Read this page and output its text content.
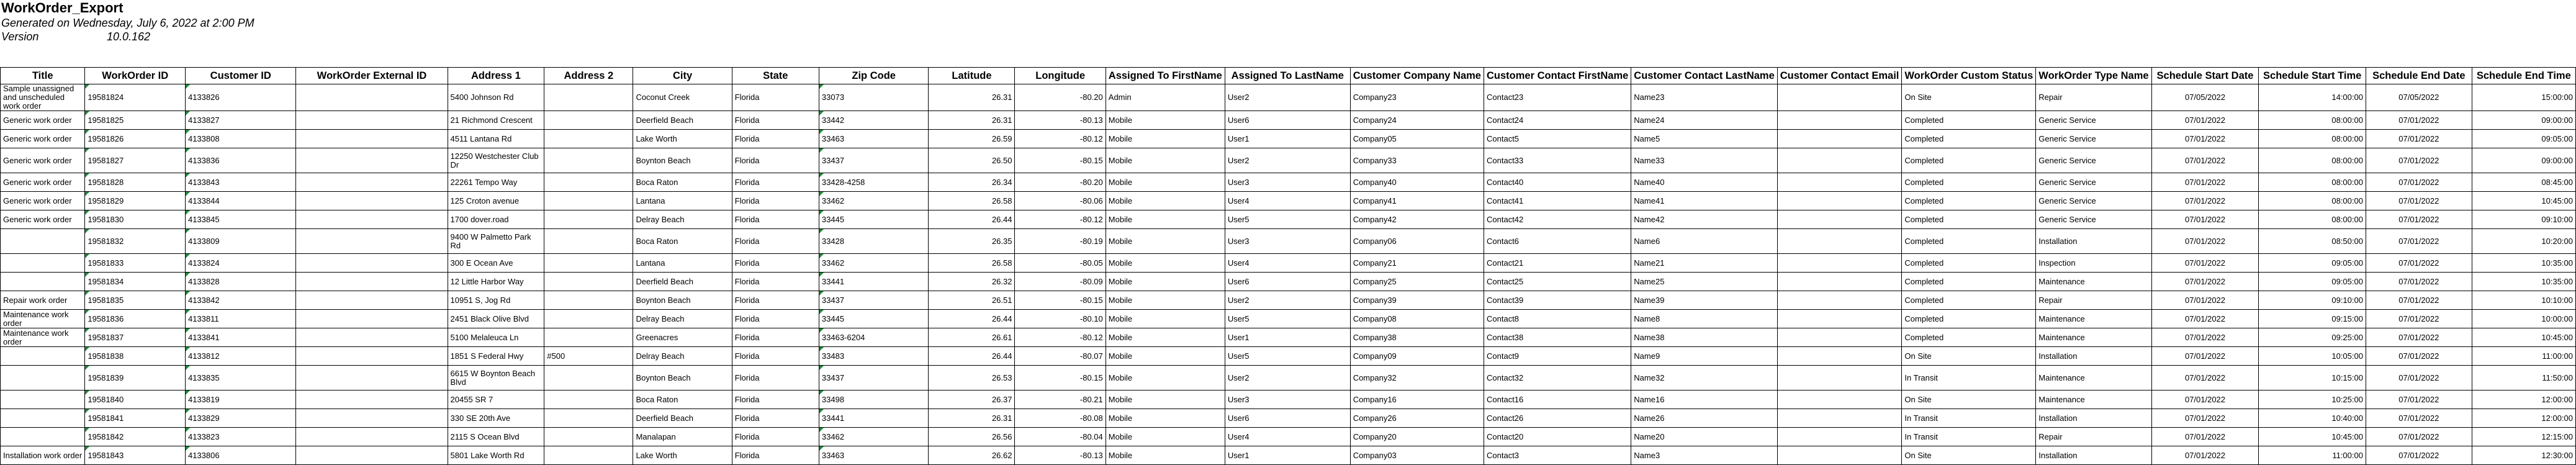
WorkOrder_Export
Generated on Wednesday, July 6, 2022 at 2:00 PM
Version	10.0.162
Title	WorkOrder ID	Customer ID	WorkOrder External ID	Address 1	Address 2	City	State	Zip Code	Latitude	Longitude	Assigned To FirstName	Assigned To LastName	Customer Company Name	Customer Contact FirstName	Customer Contact LastName	Customer Contact Email	WorkOrder Custom Status	WorkOrder Type Name	Schedule Start Date	Schedule Start Time	Schedule End Date	Schedule End Time
Sample unassigned and unscheduled work order	19581824	4133826		5400 Johnson Rd		Coconut Creek	Florida	33073	26.31	-80.20	Admin	User2	Company23	Contact23	Name23		On Site	Repair	07/05/2022	14:00:00	07/05/2022	15:00:00
Generic work order	19581825	4133827		21 Richmond Crescent		Deerfield Beach	Florida	33442	26.31	-80.13	Mobile	User6	Company24	Contact24	Name24		Completed	Generic Service	07/01/2022	08:00:00	07/01/2022	09:00:00
Generic work order	19581826	4133808		4511 Lantana Rd		Lake Worth	Florida	33463	26.59	-80.12	Mobile	User1	Company05	Contact5	Name5		Completed	Generic Service	07/01/2022	08:00:00	07/01/2022	09:05:00
Generic work order	19581827	4133836		12250 Westchester Club Dr		Boynton Beach	Florida	33437	26.50	-80.15	Mobile	User2	Company33	Contact33	Name33		Completed	Generic Service	07/01/2022	08:00:00	07/01/2022	09:00:00
Generic work order	19581828	4133843		22261 Tempo Way		Boca Raton	Florida	33428-4258	26.34	-80.20	Mobile	User3	Company40	Contact40	Name40		Completed	Generic Service	07/01/2022	08:00:00	07/01/2022	08:45:00
Generic work order	19581829	4133844		125 Croton avenue		Lantana	Florida	33462	26.58	-80.06	Mobile	User4	Company41	Contact41	Name41		Completed	Generic Service	07/01/2022	08:00:00	07/01/2022	10:45:00
Generic work order	19581830	4133845		1700 dover.road		Delray Beach	Florida	33445	26.44	-80.12	Mobile	User5	Company42	Contact42	Name42		Completed	Generic Service	07/01/2022	08:00:00	07/01/2022	09:10:00
	19581832	4133809		9400 W Palmetto Park Rd		Boca Raton	Florida	33428	26.35	-80.19	Mobile	User3	Company06	Contact6	Name6		Completed	Installation	07/01/2022	08:50:00	07/01/2022	10:20:00
	19581833	4133824		300 E Ocean Ave		Lantana	Florida	33462	26.58	-80.05	Mobile	User4	Company21	Contact21	Name21		Completed	Inspection	07/01/2022	09:05:00	07/01/2022	10:35:00
	19581834	4133828		12 Little Harbor Way		Deerfield Beach	Florida	33441	26.32	-80.09	Mobile	User6	Company25	Contact25	Name25		Completed	Maintenance	07/01/2022	09:05:00	07/01/2022	10:35:00
Repair work order	19581835	4133842		10951 S, Jog Rd		Boynton Beach	Florida	33437	26.51	-80.15	Mobile	User2	Company39	Contact39	Name39		Completed	Repair	07/01/2022	09:10:00	07/01/2022	10:10:00
Maintenance work order	19581836	4133811		2451 Black Olive Blvd		Delray Beach	Florida	33445	26.44	-80.10	Mobile	User5	Company08	Contact8	Name8		Completed	Maintenance	07/01/2022	09:15:00	07/01/2022	10:00:00
Maintenance work order	19581837	4133841		5100 Melaleuca Ln		Greenacres	Florida	33463-6204	26.61	-80.12	Mobile	User1	Company38	Contact38	Name38		Completed	Maintenance	07/01/2022	09:25:00	07/01/2022	10:45:00
	19581838	4133812		1851 S Federal Hwy	#500	Delray Beach	Florida	33483	26.44	-80.07	Mobile	User5	Company09	Contact9	Name9		On Site	Installation	07/01/2022	10:05:00	07/01/2022	11:00:00
	19581839	4133835		6615 W Boynton Beach Blvd		Boynton Beach	Florida	33437	26.53	-80.15	Mobile	User2	Company32	Contact32	Name32		In Transit	Maintenance	07/01/2022	10:15:00	07/01/2022	11:50:00
	19581840	4133819		20455 SR 7		Boca Raton	Florida	33498	26.37	-80.21	Mobile	User3	Company16	Contact16	Name16		On Site	Maintenance	07/01/2022	10:25:00	07/01/2022	12:00:00
	19581841	4133829		330 SE 20th Ave		Deerfield Beach	Florida	33441	26.31	-80.08	Mobile	User6	Company26	Contact26	Name26		In Transit	Installation	07/01/2022	10:40:00	07/01/2022	12:00:00
	19581842	4133823		2115 S Ocean Blvd		Manalapan	Florida	33462	26.56	-80.04	Mobile	User4	Company20	Contact20	Name20		In Transit	Repair	07/01/2022	10:45:00	07/01/2022	12:15:00
Installation work order	19581843	4133806		5801 Lake Worth Rd		Lake Worth	Florida	33463	26.62	-80.13	Mobile	User1	Company03	Contact3	Name3		On Site	Installation	07/01/2022	11:00:00	07/01/2022	12:30:00
